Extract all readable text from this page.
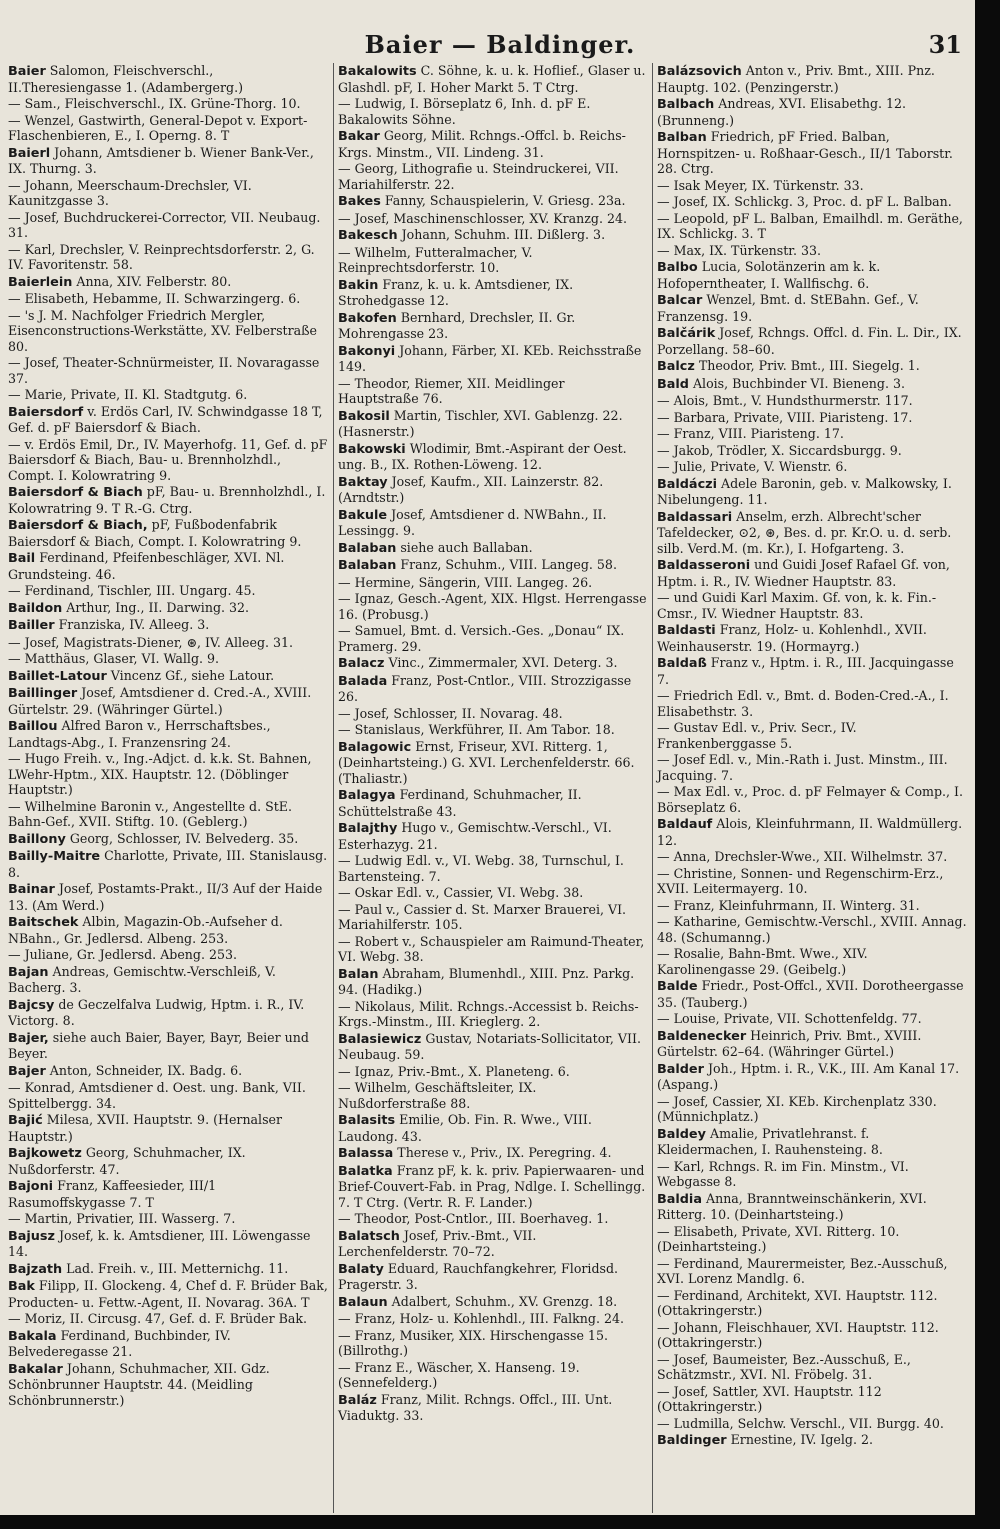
Baier — Baldinger.	31
Baier Salomon, Fleischverschl., II.Theresiengasse 1. (Adambergerg.)
— Sam., Fleischverschl., IX. Grüne-Thorg. 10.
— Wenzel, Gastwirth, General-Depot v. Export-Flaschenbieren, E., I. Operng. 8. T
Baierl Johann, Amtsdiener b. Wiener Bank-Ver., IX. Thurng. 3.
— Johann, Meerschaum-Drechsler, VI. Kaunitzgasse 3.
— Josef, Buchdruckerei-Corrector, VII. Neubaug. 31.
— Karl, Drechsler, V. Reinprechtsdorferstr. 2, G. IV. Favoritenstr. 58.
Baierlein Anna, XIV. Felberstr. 80.
— Elisabeth, Hebamme, II. Schwarzingerg. 6.
— 's J. M. Nachfolger Friedrich Mergler, Eisenconstructions-Werkstätte, XV. Felberstraße 80.
— Josef, Theater-Schnürmeister, II. Novaragasse 37.
— Marie, Private, II. Kl. Stadtgutg. 6.
Baiersdorf v. Erdös Carl, IV. Schwindgasse 18 T, Gef. d. pF Baiersdorf & Biach.
— v. Erdös Emil, Dr., IV. Mayerhofg. 11, Gef. d. pF Baiersdorf & Biach, Bau- u. Brennholzhdl., Compt. I. Kolowratring 9.
Baiersdorf & Biach pF, Bau- u. Brennholzhdl., I. Kolowratring 9. T R.-G. Ctrg.
Baiersdorf & Biach, pF, Fußbodenfabrik Baiersdorf & Biach, Compt. I. Kolowratring 9.
Bail Ferdinand, Pfeifenbeschläger, XVI. Nl. Grundsteing. 46.
— Ferdinand, Tischler, III. Ungarg. 45.
Baildon Arthur, Ing., II. Darwing. 32.
Bailler Franziska, IV. Alleeg. 3.
— Josef, Magistrats-Diener, ⊛, IV. Alleeg. 31.
— Matthäus, Glaser, VI. Wallg. 9.
Baillet-Latour Vincenz Gf., siehe Latour.
Baillinger Josef, Amtsdiener d. Cred.-A., XVIII. Gürtelstr. 29. (Währinger Gürtel.)
Baillou Alfred Baron v., Herrschaftsbes., Landtags-Abg., I. Franzensring 24.
— Hugo Freih. v., Ing.-Adjct. d. k.k. St. Bahnen, LWehr-Hptm., XIX. Hauptstr. 12. (Döblinger Hauptstr.)
— Wilhelmine Baronin v., Angestellte d. StE. Bahn-Gef., XVII. Stiftg. 10. (Geblerg.)
Baillony Georg, Schlosser, IV. Belvederg. 35.
Bailly-Maitre Charlotte, Private, III. Stanislausg. 8.
Bainar Josef, Postamts-Prakt., II/3 Auf der Haide 13. (Am Werd.)
Baitschek Albin, Magazin-Ob.-Aufseher d. NBahn., Gr. Jedlersd. Albeng. 253.
— Juliane, Gr. Jedlersd. Abeng. 253.
Bajan Andreas, Gemischtw.-Verschleiß, V. Bacherg. 3.
Bajcsy de Geczelfalva Ludwig, Hptm. i. R., IV. Victorg. 8.
Bajer, siehe auch Baier, Bayer, Bayr, Beier und Beyer.
Bajer Anton, Schneider, IX. Badg. 6.
— Konrad, Amtsdiener d. Oest. ung. Bank, VII. Spittelbergg. 34.
Bajić Milesa, XVII. Hauptstr. 9. (Hernalser Hauptstr.)
Bajkowetz Georg, Schuhmacher, IX. Nußdorferstr. 47.
Bajoni Franz, Kaffeesieder, III/1 Rasumoffskygasse 7. T
— Martin, Privatier, III. Wasserg. 7.
Bajusz Josef, k. k. Amtsdiener, III. Löwengasse 14.
Bajzath Lad. Freih. v., III. Metternichg. 11.
Bak Filipp, II. Glockeng. 4, Chef d. F. Brüder Bak, Producten- u. Fettw.-Agent, II. Novarag. 36A. T
— Moriz, II. Circusg. 47, Gef. d. F. Brüder Bak.
Bakala Ferdinand, Buchbinder, IV. Belvederegasse 21.
Bakalar Johann, Schuhmacher, XII. Gdz. Schönbrunner Hauptstr. 44. (Meidling Schönbrunnerstr.)
Bakalowits C. Söhne, k. u. k. Hoflief., Glaser u. Glashdl. pF, I. Hoher Markt 5. T Ctrg.
— Ludwig, I. Börseplatz 6, Inh. d. pF E. Bakalowits Söhne.
Bakar Georg, Milit. Rchngs.-Offcl. b. Reichs-Krgs. Minstm., VII. Lindeng. 31.
— Georg, Lithografie u. Steindruckerei, VII. Mariahilferstr. 22.
Bakes Fanny, Schauspielerin, V. Griesg. 23a.
— Josef, Maschinenschlosser, XV. Kranzg. 24.
Bakesch Johann, Schuhm. III. Dißlerg. 3.
— Wilhelm, Futteralmacher, V. Reinprechtsdorferstr. 10.
Bakin Franz, k. u. k. Amtsdiener, IX. Strohedgasse 12.
Bakofen Bernhard, Drechsler, II. Gr. Mohrengasse 23.
Bakonyi Johann, Färber, XI. KEb. Reichsstraße 149.
— Theodor, Riemer, XII. Meidlinger Hauptstraße 76.
Bakosil Martin, Tischler, XVI. Gablenzg. 22. (Hasnerstr.)
Bakowski Wlodimir, Bmt.-Aspirant der Oest. ung. B., IX. Rothen-Löweng. 12.
Baktay Josef, Kaufm., XII. Lainzerstr. 82. (Arndtstr.)
Bakule Josef, Amtsdiener d. NWBahn., II. Lessingg. 9.
Balaban siehe auch Ballaban.
Balaban Franz, Schuhm., VIII. Langeg. 58.
— Hermine, Sängerin, VIII. Langeg. 26.
— Ignaz, Gesch.-Agent, XIX. Hlgst. Herrengasse 16. (Probusg.)
— Samuel, Bmt. d. Versich.-Ges. „Donau“ IX. Pramerg. 29.
Balacz Vinc., Zimmermaler, XVI. Deterg. 3.
Balada Franz, Post-Cntlor., VIII. Strozzigasse 26.
— Josef, Schlosser, II. Novarag. 48.
— Stanislaus, Werkführer, II. Am Tabor. 18.
Balagowic Ernst, Friseur, XVI. Ritterg. 1, (Deinhartsteing.) G. XVI. Lerchenfelderstr. 66. (Thaliastr.)
Balagya Ferdinand, Schuhmacher, II. Schüttelstraße 43.
Balajthy Hugo v., Gemischtw.-Verschl., VI. Esterhazyg. 21.
— Ludwig Edl. v., VI. Webg. 38, Turnschul, I. Bartensteing. 7.
— Oskar Edl. v., Cassier, VI. Webg. 38.
— Paul v., Cassier d. St. Marxer Brauerei, VI. Mariahilferstr. 105.
— Robert v., Schauspieler am Raimund-Theater, VI. Webg. 38.
Balan Abraham, Blumenhdl., XIII. Pnz. Parkg. 94. (Hadikg.)
— Nikolaus, Milit. Rchngs.-Accessist b. Reichs-Krgs.-Minstm., III. Krieglerg. 2.
Balasiewicz Gustav, Notariats-Sollicitator, VII. Neubaug. 59.
— Ignaz, Priv.-Bmt., X. Planeteng. 6.
— Wilhelm, Geschäftsleiter, IX. Nußdorferstraße 88.
Balasits Emilie, Ob. Fin. R. Wwe., VIII. Laudong. 43.
Balassa Therese v., Priv., IX. Peregring. 4.
Balatka Franz pF, k. k. priv. Papierwaaren- und Brief-Couvert-Fab. in Prag, Ndlge. I. Schellingg. 7. T Ctrg. (Vertr. R. F. Lander.)
— Theodor, Post-Cntlor., III. Boerhaveg. 1.
Balatsch Josef, Priv.-Bmt., VII. Lerchenfelderstr. 70–72.
Balaty Eduard, Rauchfangkehrer, Floridsd. Pragerstr. 3.
Balaun Adalbert, Schuhm., XV. Grenzg. 18.
— Franz, Holz- u. Kohlenhdl., III. Falkng. 24.
— Franz, Musiker, XIX. Hirschengasse 15. (Billrothg.)
— Franz E., Wäscher, X. Hanseng. 19. (Sennefelderg.)
Baláz Franz, Milit. Rchngs. Offcl., III. Unt. Viaduktg. 33.
Balázsovich Anton v., Priv. Bmt., XIII. Pnz. Hauptg. 102. (Penzingerstr.)
Balbach Andreas, XVI. Elisabethg. 12. (Brunneng.)
Balban Friedrich, pF Fried. Balban, Hornspitzen- u. Roßhaar-Gesch., II/1 Taborstr. 28. Ctrg.
— Isak Meyer, IX. Türkenstr. 33.
— Josef, IX. Schlickg. 3, Proc. d. pF L. Balban.
— Leopold, pF L. Balban, Emailhdl. m. Geräthe, IX. Schlickg. 3. T
— Max, IX. Türkenstr. 33.
Balbo Lucia, Solotänzerin am k. k. Hofoperntheater, I. Wallfischg. 6.
Balcar Wenzel, Bmt. d. StEBahn. Gef., V. Franzensg. 19.
Balčárik Josef, Rchngs. Offcl. d. Fin. L. Dir., IX. Porzellang. 58–60.
Balcz Theodor, Priv. Bmt., III. Siegelg. 1.
Bald Alois, Buchbinder VI. Bieneng. 3.
— Alois, Bmt., V. Hundsthurmerstr. 117.
— Barbara, Private, VIII. Piaristeng. 17.
— Franz, VIII. Piaristeng. 17.
— Jakob, Trödler, X. Siccardsburgg. 9.
— Julie, Private, V. Wienstr. 6.
Baldáczi Adele Baronin, geb. v. Malkowsky, I. Nibelungeng. 11.
Baldassari Anselm, erzh. Albrecht'scher Tafeldecker, ⊙2, ⊛, Bes. d. pr. Kr.O. u. d. serb. silb. Verd.M. (m. Kr.), I. Hofgarteng. 3.
Baldasseroni und Guidi Josef Rafael Gf. von, Hptm. i. R., IV. Wiedner Hauptstr. 83.
— und Guidi Karl Maxim. Gf. von, k. k. Fin.-Cmsr., IV. Wiedner Hauptstr. 83.
Baldasti Franz, Holz- u. Kohlenhdl., XVII. Weinhauserstr. 19. (Hormayrg.)
Baldaß Franz v., Hptm. i. R., III. Jacquingasse 7.
— Friedrich Edl. v., Bmt. d. Boden-Cred.-A., I. Elisabethstr. 3.
— Gustav Edl. v., Priv. Secr., IV. Frankenberggasse 5.
— Josef Edl. v., Min.-Rath i. Just. Minstm., III. Jacquing. 7.
— Max Edl. v., Proc. d. pF Felmayer & Comp., I. Börseplatz 6.
Baldauf Alois, Kleinfuhrmann, II. Waldmüllerg. 12.
— Anna, Drechsler-Wwe., XII. Wilhelmstr. 37.
— Christine, Sonnen- und Regenschirm-Erz., XVII. Leitermayerg. 10.
— Franz, Kleinfuhrmann, II. Winterg. 31.
— Katharine, Gemischtw.-Verschl., XVIII. Annag. 48. (Schumanng.)
— Rosalie, Bahn-Bmt. Wwe., XIV. Karolinengasse 29. (Geibelg.)
Balde Friedr., Post-Offcl., XVII. Dorotheergasse 35. (Tauberg.)
— Louise, Private, VII. Schottenfeldg. 77.
Baldenecker Heinrich, Priv. Bmt., XVIII. Gürtelstr. 62–64. (Währinger Gürtel.)
Balder Joh., Hptm. i. R., V.K., III. Am Kanal 17. (Aspang.)
— Josef, Cassier, XI. KEb. Kirchenplatz 330. (Münnichplatz.)
Baldey Amalie, Privatlehranst. f. Kleidermachen, I. Rauhensteing. 8.
— Karl, Rchngs. R. im Fin. Minstm., VI. Webgasse 8.
Baldia Anna, Branntweinschänkerin, XVI. Ritterg. 10. (Deinhartsteing.)
— Elisabeth, Private, XVI. Ritterg. 10. (Deinhartsteing.)
— Ferdinand, Maurermeister, Bez.-Ausschuß, XVI. Lorenz Mandlg. 6.
— Ferdinand, Architekt, XVI. Hauptstr. 112. (Ottakringerstr.)
— Johann, Fleischhauer, XVI. Hauptstr. 112. (Ottakringerstr.)
— Josef, Baumeister, Bez.-Ausschuß, E., Schätzmstr., XVI. Nl. Fröbelg. 31.
— Josef, Sattler, XVI. Hauptstr. 112 (Ottakringerstr.)
— Ludmilla, Selchw. Verschl., VII. Burgg. 40.
Baldinger Ernestine, IV. Igelg. 2.
